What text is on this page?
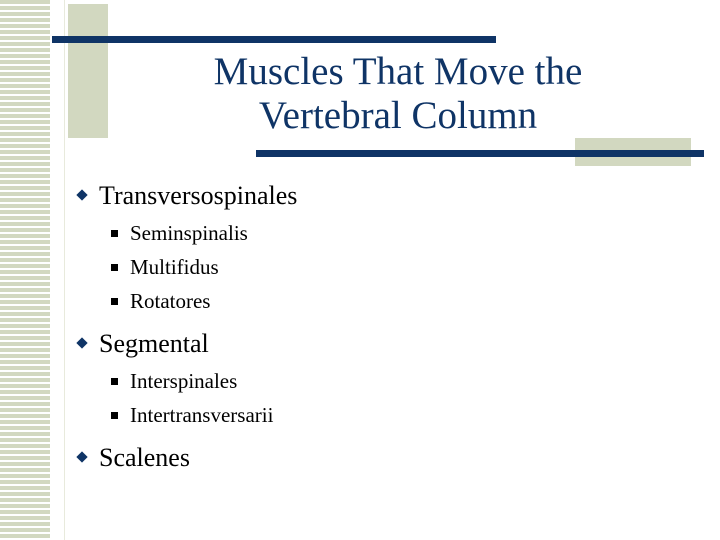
Muscles That Move the
Vertebral Column
Transversospinales
Seminspinalis
Multifidus
Rotatores
Segmental
Interspinales
Intertransversarii
Scalenes
